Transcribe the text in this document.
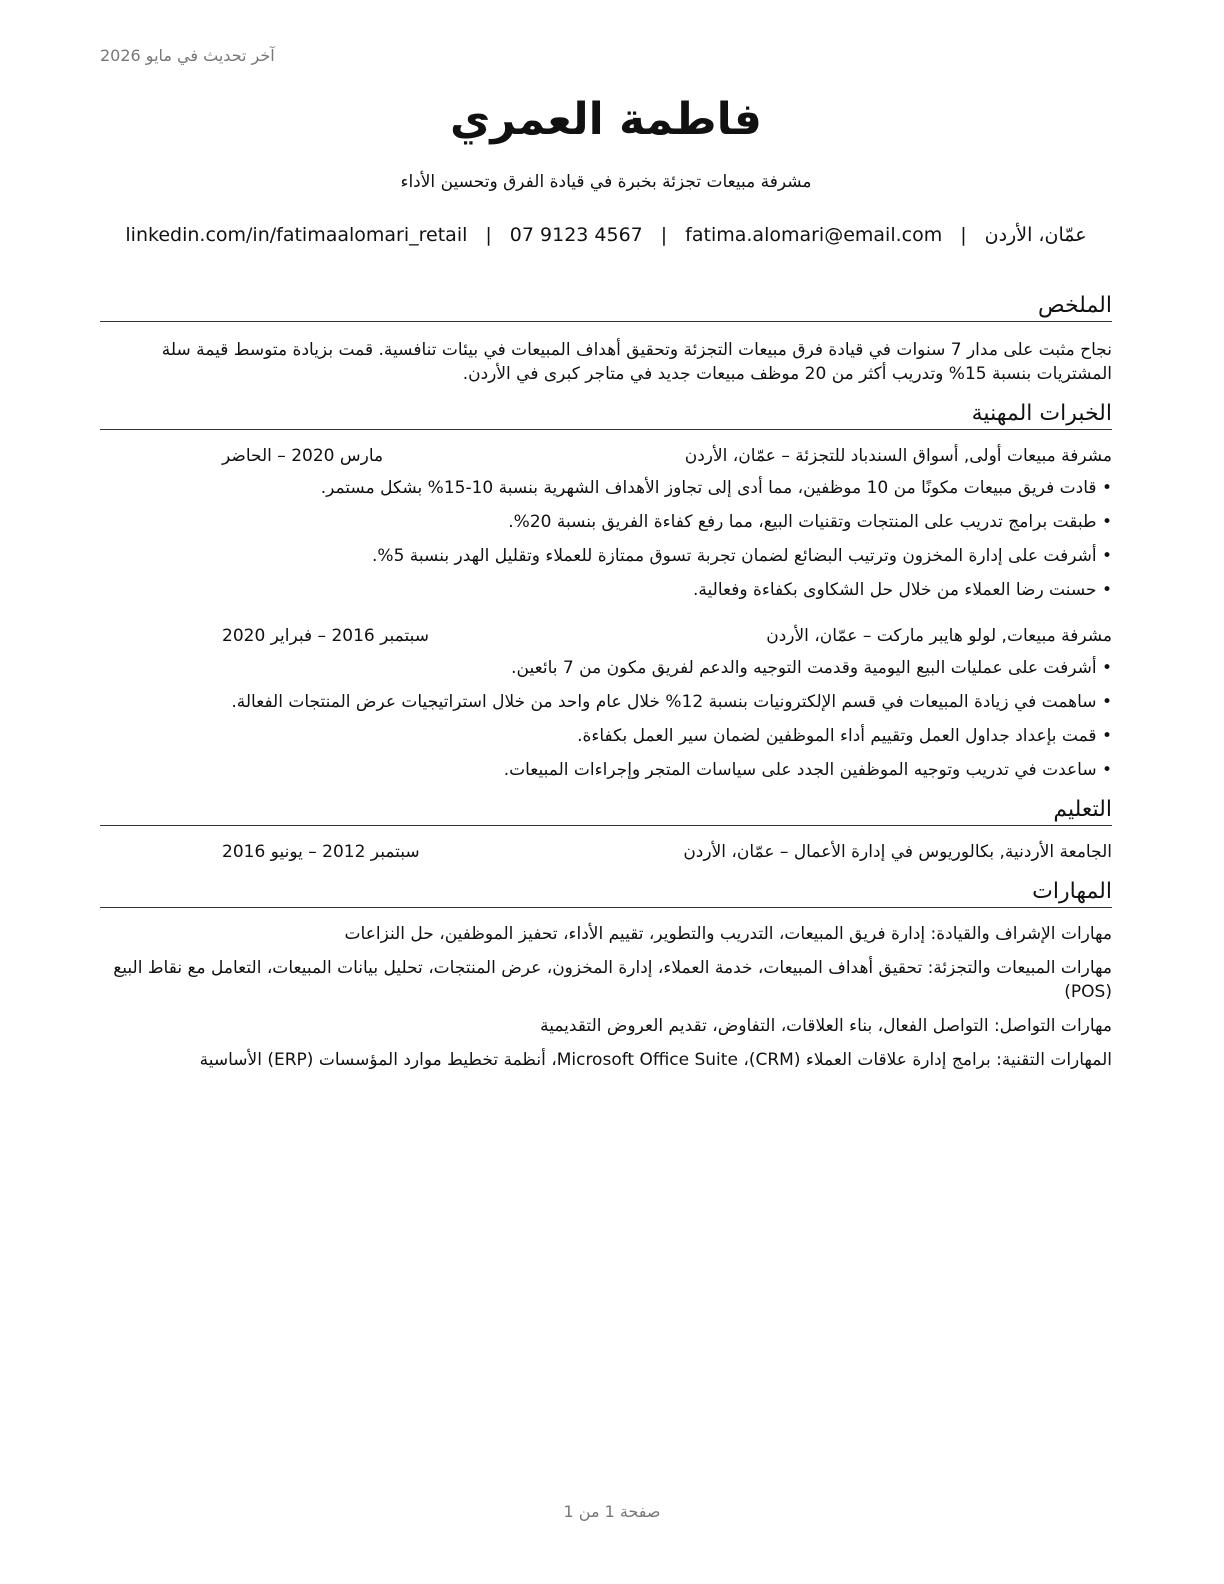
آخر تحديث في مايو 2026
فاطمة العمري
مشرفة مبيعات تجزئة بخبرة في قيادة الفرق وتحسين الأداء
عمّان، الأردن
|
fatima.alomari@email.com
|
07 9123 4567
|
linkedin.com/in/fatimaalomari_retail
الملخص

نجاح مثبت على مدار 7 سنوات في قيادة فرق مبيعات التجزئة وتحقيق أهداف المبيعات في بيئات تنافسية. قمت بزيادة متوسط قيمة سلة المشتريات بنسبة 15% وتدريب أكثر من 20 موظف مبيعات جديد في متاجر كبرى في الأردن.

الخبرات المهنية
مشرفة مبيعات أولى, أسواق السندباد للتجزئة – عمّان، الأردن
مارس 2020 – الحاضر
• قادت فريق مبيعات مكونًا من 10 موظفين، مما أدى إلى تجاوز الأهداف الشهرية بنسبة 10-15% بشكل مستمر.
• طبقت برامج تدريب على المنتجات وتقنيات البيع، مما رفع كفاءة الفريق بنسبة 20%.
• أشرفت على إدارة المخزون وترتيب البضائع لضمان تجربة تسوق ممتازة للعملاء وتقليل الهدر بنسبة 5%.
• حسنت رضا العملاء من خلال حل الشكاوى بكفاءة وفعالية.
مشرفة مبيعات, لولو هايبر ماركت – عمّان، الأردن
سبتمبر 2016 – فبراير 2020
• أشرفت على عمليات البيع اليومية وقدمت التوجيه والدعم لفريق مكون من 7 بائعين.
• ساهمت في زيادة المبيعات في قسم الإلكترونيات بنسبة 12% خلال عام واحد من خلال استراتيجيات عرض المنتجات الفعالة.
• قمت بإعداد جداول العمل وتقييم أداء الموظفين لضمان سير العمل بكفاءة.
• ساعدت في تدريب وتوجيه الموظفين الجدد على سياسات المتجر وإجراءات المبيعات.
التعليم
الجامعة الأردنية, بكالوريوس في إدارة الأعمال – عمّان، الأردن
سبتمبر 2012 – يونيو 2016
المهارات

مهارات الإشراف والقيادة: إدارة فريق المبيعات، التدريب والتطوير، تقييم الأداء، تحفيز الموظفين، حل النزاعات

مهارات المبيعات والتجزئة: تحقيق أهداف المبيعات، خدمة العملاء، إدارة المخزون، عرض المنتجات، تحليل بيانات المبيعات، التعامل مع نقاط البيع (POS)

مهارات التواصل: التواصل الفعال، بناء العلاقات، التفاوض، تقديم العروض التقديمية

المهارات التقنية: برامج إدارة علاقات العملاء (CRM)، Microsoft Office Suite، أنظمة تخطيط موارد المؤسسات (ERP) الأساسية

صفحة 1 من 1
